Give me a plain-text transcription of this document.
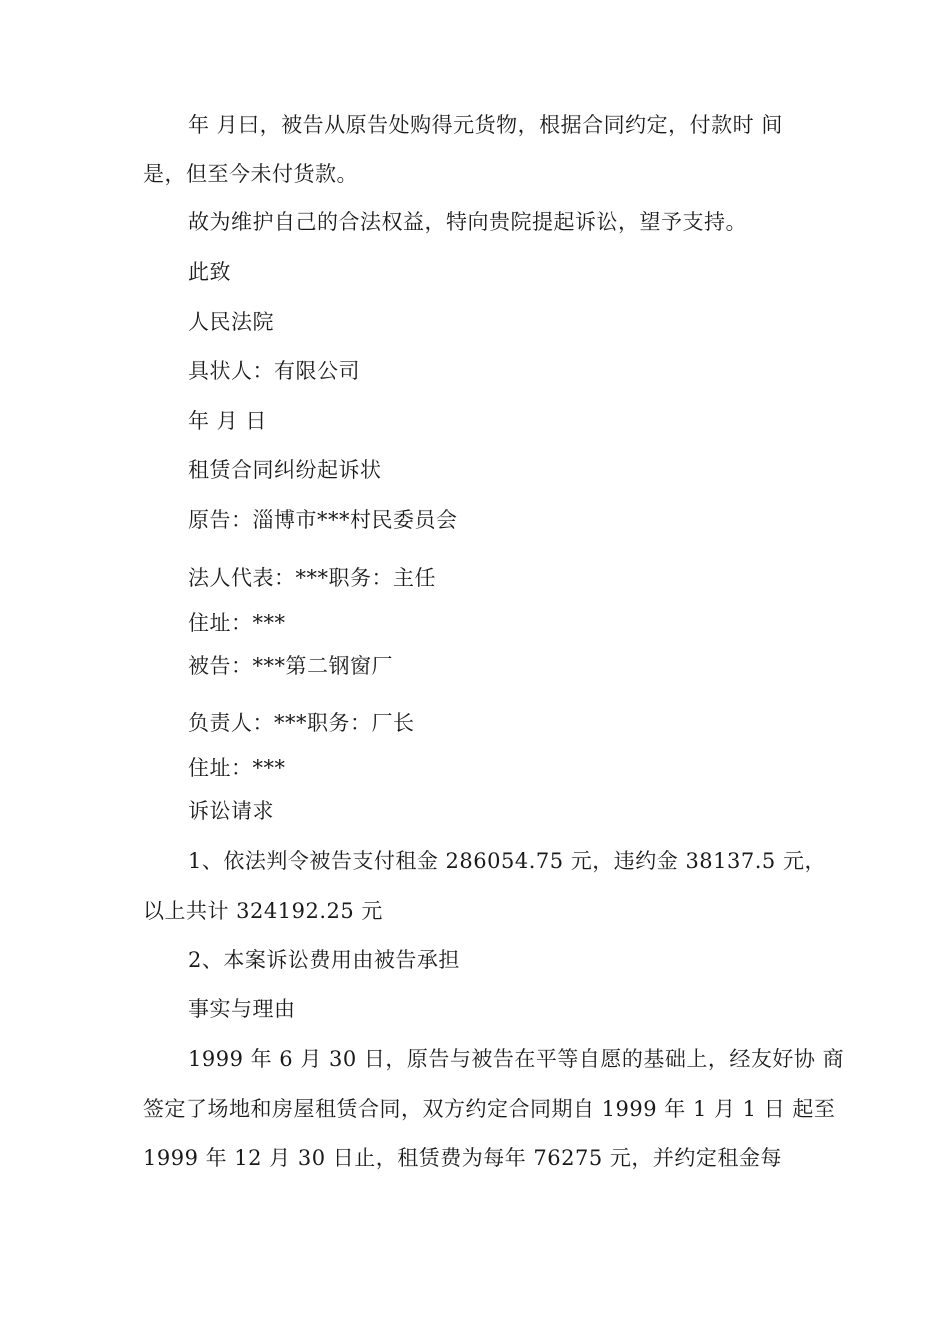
年 月曰，被告从原告处购得元货物，根据合同约定，付款时 间
是，但至今未付货款。
故为维护自己的合法权益，特向贵院提起诉讼，望予支持。
此致
人民法院
具状人：有限公司
年 月 日
租赁合同纠纷起诉状
原告：淄博市***村民委员会
法人代表：***职务：主任
住址：***
被告：***第二钢窗厂
负责人：***职务：厂长
住址：***
诉讼请求
1、依法判令被告支付租金 286054.75 元，违约金 38137.5 元，
以上共计 324192.25 元
2、本案诉讼费用由被告承担
事实与理由
1999 年 6 月 30 日，原告与被告在平等自愿的基础上，经友好协 商
签定了场地和房屋租赁合同，双方约定合同期自 1999 年 1 月 1 日 起至
1999 年 12 月 30 日止，租赁费为每年 76275 元，并约定租金每
